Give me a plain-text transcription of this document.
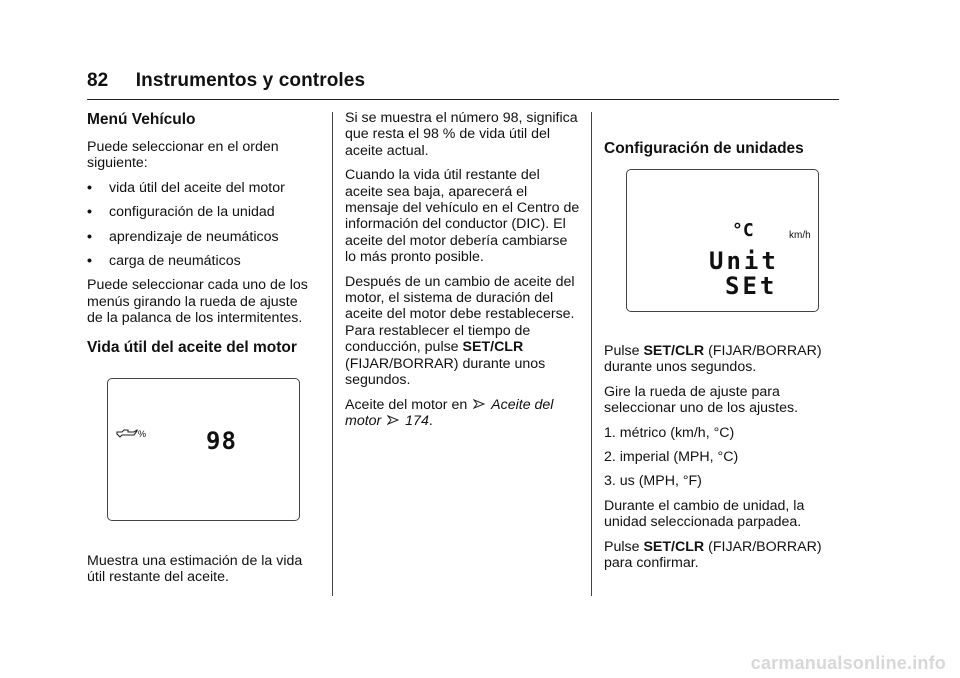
82 Instrumentos y controles
Menú Vehículo

Puede seleccionar en el orden siguiente:

•	vida útil del aceite del motor
•	configuración de la unidad
•	aprendizaje de neumáticos
•	carga de neumáticos

Puede seleccionar cada uno de los menús girando la rueda de ajuste de la palanca de los intermitentes.

Vida útil del aceite del motor
% 98

Muestra una estimación de la vida útil restante del aceite.

Si se muestra el número 98, significa que resta el 98 % de vida útil del aceite actual.

Cuando la vida útil restante del aceite sea baja, aparecerá el mensaje del vehículo en el Centro de información del conductor (DIC). El aceite del motor debería cambiarse lo más pronto posible.

Después de un cambio de aceite del motor, el sistema de duración del aceite del motor debe restablecerse. Para restablecer el tiempo de conducción, pulse SET/CLR
(FIJAR/BORRAR) durante unos segundos.

Aceite del motor en Aceite del motor 174.

Configuración de unidades
°C	km/h
Unit
SEt

Pulse SET/CLR (FIJAR/BORRAR) durante unos segundos.

Gire la rueda de ajuste para seleccionar uno de los ajustes.

1. métrico (km/h, °C)

2. imperial (MPH, °C)

3. us (MPH, °F)

Durante el cambio de unidad, la unidad seleccionada parpadea.

Pulse SET/CLR (FIJAR/BORRAR) para confirmar.

carmanualsonline.info
